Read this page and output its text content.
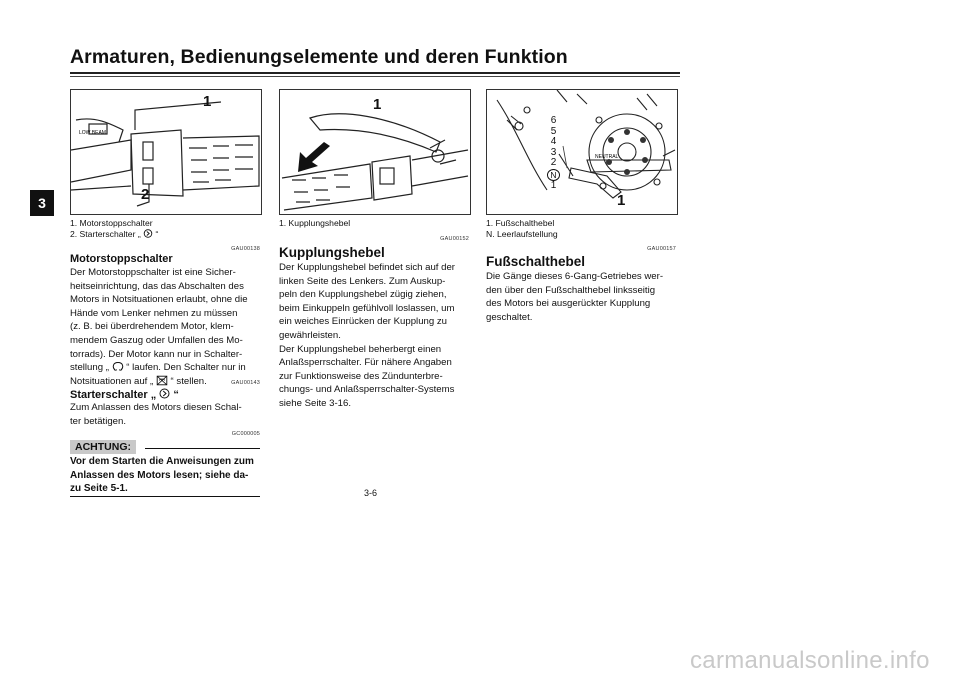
Armaturen, Bedienungselemente und deren Funktion
3
LOW BEAM
1
2
1. Motorstoppschalter
2. Starterschalter „ “
GAU00138
Motorstoppschalter

Der Motorstoppschalter ist eine Sicher-

heitseinrichtung, das das Abschalten des

Motors in Notsituationen erlaubt, ohne die

Hände vom Lenker nehmen zu müssen

(z. B. bei überdrehendem Motor, klem-

mendem Gaszug oder Umfallen des Mo-

torrads). Der Motor kann nur in Schalter-

stellung „ “ laufen. Den Schalter nur in

Notsituationen auf „ “ stellen.	GAU00143
Starterschalter „ “

Zum Anlassen des Motors diesen Schal-

ter betätigen.

GC000005
ACHTUNG:
Vor dem Starten die Anweisungen zum
Anlassen des Motors lesen; siehe da-
zu Seite 5-1.
1
1. Kupplungshebel
GAU00152
Kupplungshebel

Der Kupplungshebel befindet sich auf der

linken Seite des Lenkers. Zum Auskup-

peln den Kupplungshebel zügig ziehen,

beim Einkuppeln gefühlvoll loslassen, um

ein weiches Einrücken der Kupplung zu

gewährleisten.

Der Kupplungshebel beherbergt einen

Anlaßsperrschalter. Für nähere Angaben

zur Funktionsweise des Zündunterbre-

chungs- und Anlaßsperrschalter-Systems

siehe Seite 3-16.

NEUTRAL
6
5
4
3
2
N
1
1
1. Fußschalthebel
N. Leerlaufstellung
GAU00157
Fußschalthebel

Die Gänge dieses 6-Gang-Getriebes wer-

den über den Fußschalthebel linksseitig

des Motors bei ausgerückter Kupplung

geschaltet.

3-6
carmanualsonline.info
